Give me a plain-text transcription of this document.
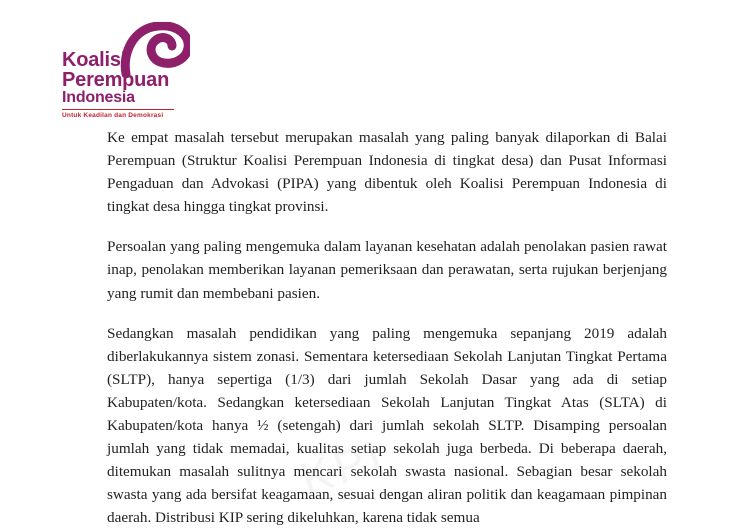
Koalisi
Perempuan
Indonesia
Untuk Keadilan dan Demokrasi

Ke empat masalah tersebut merupakan masalah yang paling banyak dilaporkan di Balai Perempuan (Struktur Koalisi Perempuan Indonesia di tingkat desa) dan Pusat Informasi Pengaduan dan Advokasi (PIPA) yang dibentuk oleh Koalisi Perempuan Indonesia di tingkat desa hingga tingkat provinsi.

Persoalan yang paling mengemuka dalam layanan kesehatan adalah penolakan pasien rawat inap, penolakan memberikan layanan pemeriksaan dan perawatan, serta rujukan berjenjang yang rumit dan membebani pasien.

Sedangkan masalah pendidikan yang paling mengemuka sepanjang 2019 adalah diberlakukannya sistem zonasi. Sementara ketersediaan Sekolah Lanjutan Tingkat Pertama (SLTP), hanya sepertiga (1/3) dari jumlah Sekolah Dasar yang ada di setiap Kabupaten/kota. Sedangkan ketersediaan Sekolah Lanjutan Tingkat Atas (SLTA) di Kabupaten/kota hanya ½ (setengah) dari jumlah sekolah SLTP. Disamping persoalan jumlah yang tidak memadai, kualitas setiap sekolah juga berbeda. Di beberapa daerah, ditemukan masalah sulitnya mencari sekolah swasta nasional. Sebagian besar sekolah swasta yang ada bersifat keagamaan, sesuai dengan aliran politik dan keagamaan pimpinan daerah. Distribusi KIP sering dikeluhkan, karena tidak semua
